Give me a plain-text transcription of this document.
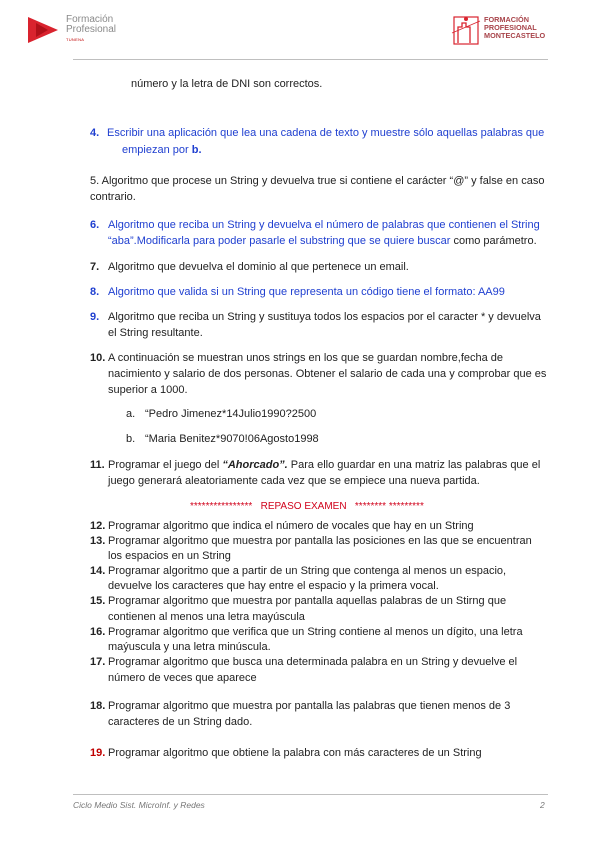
Formación
Profesional
TUNENA
FORMACIÓN
PROFESIONAL
MONTECASTELO

número y la letra de DNI son correctos.

4. Escribir una aplicación que lea una cadena de texto y muestre sólo aquellas palabras que
empiezan por b.
5. Algoritmo que procese un String y devuelva true si contiene el carácter “@” y false en caso
contrario.
6. Algoritmo que reciba un String y devuelva el número de palabras que contienen el String
“aba”.Modificarla para poder pasarle el substring que se quiere buscar como parámetro.
7. Algoritmo que devuelva el dominio al que pertenece un email.
8. Algoritmo que valida si un String que representa un código tiene el formato: AA99
9. Algoritmo que reciba un String y sustituya todos los espacios por el caracter * y devuelva
el String resultante.
10. A continuación se muestran unos strings en los que se guardan nombre,fecha de
nacimiento y salario de dos personas. Obtener el salario de cada una y comprobar que es
superior a 1000.
a. “Pedro Jimenez*14Julio1990?2500
b. “Maria Benitez*9070!06Agosto1998
11. Programar el juego del “Ahorcado”. Para ello guardar en una matriz las palabras que el
juego generará aleatoriamente cada vez que se empiece una nueva partida.
**************** REPASO EXAMEN ******** *********
12. Programar algoritmo que indica el número de vocales que hay en un String
13. Programar algoritmo que muestra por pantalla las posiciones en las que se encuentran
los espacios en un String
14. Programar algoritmo que a partir de un String que contenga al menos un espacio,
devuelve los caracteres que hay entre el espacio y la primera vocal.
15. Programar algoritmo que muestra por pantalla aquellas palabras de un Stirng que
contienen al menos una letra mayúscula
16. Programar algoritmo que verifica que un String contiene al menos un dígito, una letra
maýuscula y una letra minúscula.
17. Programar algoritmo que busca una determinada palabra en un String y devuelve el
número de veces que aparece
18. Programar algoritmo que muestra por pantalla las palabras que tienen menos de 3
caracteres de un String dado.
19. Programar algoritmo que obtiene la palabra con más caracteres de un String
Ciclo Medio Sist. MicroInf. y Redes	2
